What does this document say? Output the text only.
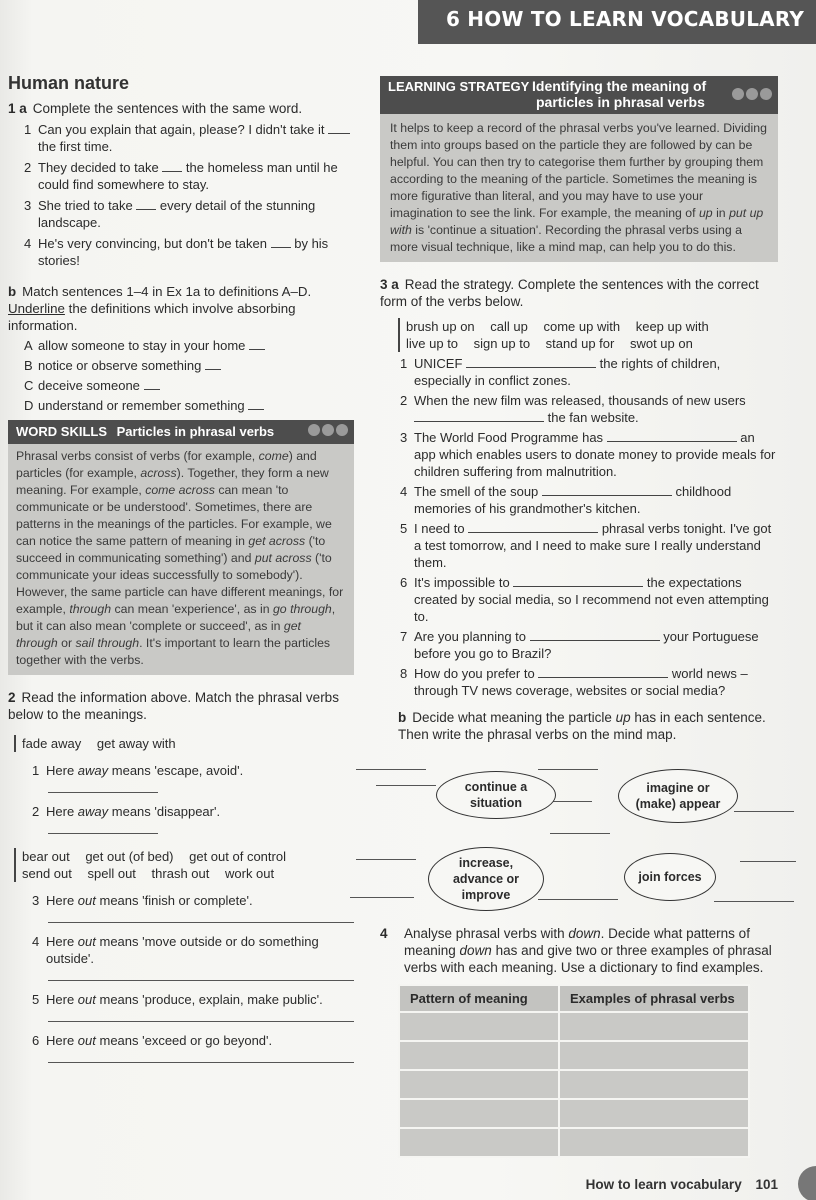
6 HOW TO LEARN VOCABULARY
Human nature
1 a Complete the sentences with the same word.
1 Can you explain that again, please? I didn't take it  the first time.
2 They decided to take  the homeless man until he could find somewhere to stay.
3 She tried to take  every detail of the stunning landscape.
4 He's very convincing, but don't be taken  by his stories!
b Match sentences 1–4 in Ex 1a to definitions A–D. Underline the definitions which involve absorbing information.
A allow someone to stay in your home
B notice or observe something
C deceive someone
D understand or remember something
WORD SKILLS Particles in phrasal verbs
Phrasal verbs consist of verbs (for example, come) and particles (for example, across). Together, they form a new meaning. For example, come across can mean 'to communicate or be understood'. Sometimes, there are patterns in the meanings of the particles. For example, we can notice the same pattern of meaning in get across ('to succeed in communicating something') and put across ('to communicate your ideas successfully to somebody'). However, the same particle can have different meanings, for example, through can mean 'experience', as in go through, but it can also mean 'complete or succeed', as in get through or sail through. It's important to learn the particles together with the verbs.
2 Read the information above. Match the phrasal verbs below to the meanings.
fade away get away with
1 Here away means 'escape, avoid'.
2 Here away means 'disappear'.
bear out get out (of bed) get out of control send out spell out thrash out work out
3 Here out means 'finish or complete'.
4 Here out means 'move outside or do something outside'.
5 Here out means 'produce, explain, make public'.
6 Here out means 'exceed or go beyond'.
LEARNING STRATEGY Identifying the meaning of
particles in phrasal verbs
It helps to keep a record of the phrasal verbs you've learned. Dividing them into groups based on the particle they are followed by can be helpful. You can then try to categorise them further by grouping them according to the meaning of the particle. Sometimes the meaning is more figurative than literal, and you may have to use your imagination to see the link. For example, the meaning of up in put up with is 'continue a situation'. Recording the phrasal verbs using a more visual technique, like a mind map, can help you to do this.
3 a Read the strategy. Complete the sentences with the correct form of the verbs below.
brush up on call up come up with keep up with
live up to sign up to stand up for swot up on
1 UNICEF	the rights of children, especially in conflict zones.
2 When the new film was released, thousands of new users  the fan website.
3 The World Food Programme has	an app which enables users to donate money to provide meals for children suffering from malnutrition.
4 The smell of the soup	childhood memories of his grandmother's kitchen.
5 I need to	phrasal verbs tonight. I've got a test tomorrow, and I need to make sure I really understand them.
6 It's impossible to	the expectations created by social media, so I recommend not even attempting to.
7 Are you planning to	your Portuguese before you go to Brazil?
8 How do you prefer to	world news – through TV news coverage, websites or social media?
b Decide what meaning the particle up has in each sentence. Then write the phrasal verbs on the mind map.
continue a situation
imagine or (make) appear
increase, advance or improve
join forces
4	Analyse phrasal verbs with down. Decide what patterns of meaning down has and give two or three examples of phrasal verbs with each meaning. Use a dictionary to find examples.
Pattern of meaning	Examples of phrasal verbs

How to learn vocabulary 101
